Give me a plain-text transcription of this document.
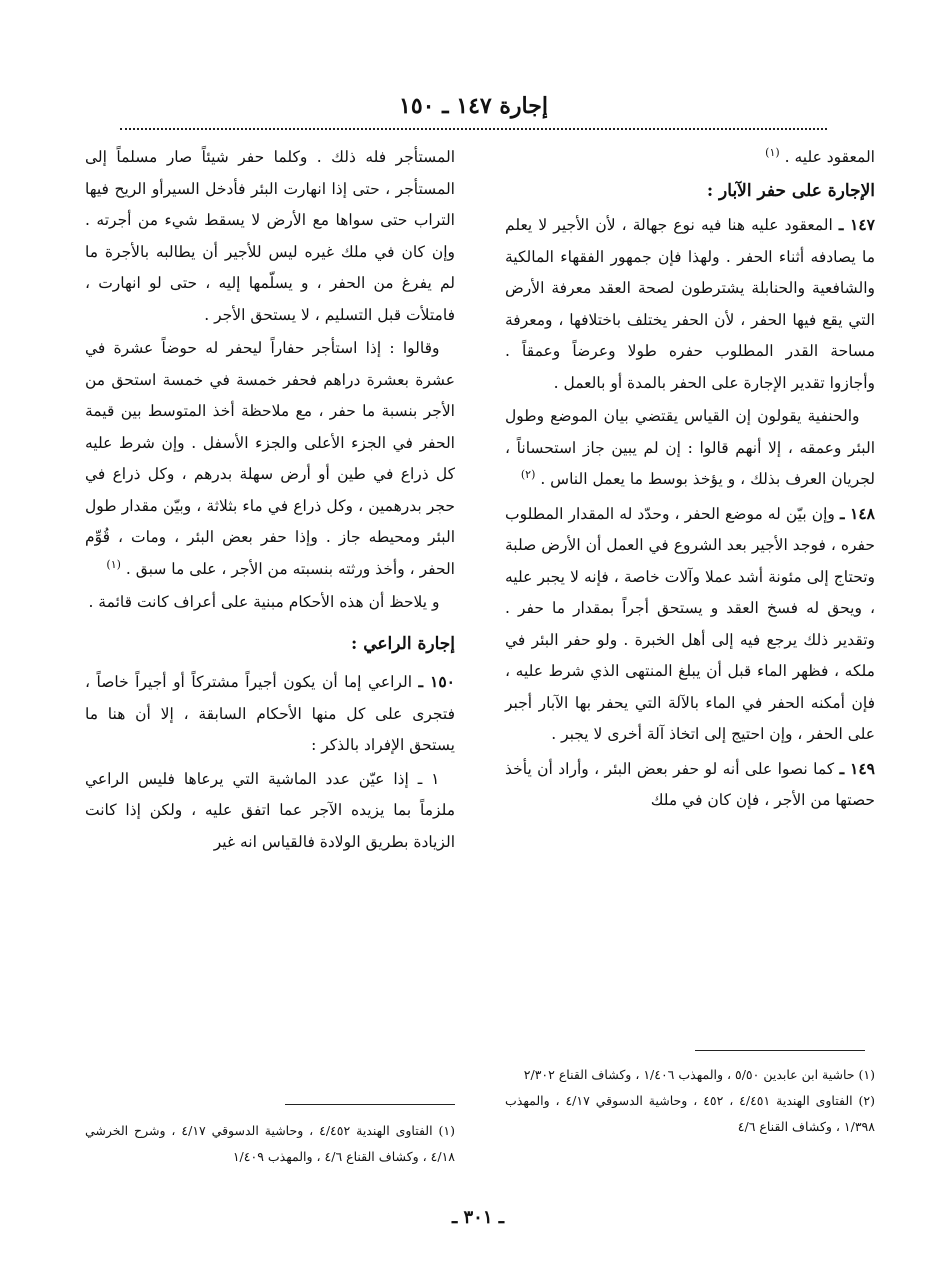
إجارة ١٤٧ ـ ١٥٠

المعقود عليه . $^{(١)}$

الإجارة على حفر الآبار :

١٤٧ ـ المعقود عليه هنا فيه نوع جهالة ، لأن الأجير لا يعلم ما يصادفه أثناء الحفر . ولهذا فإن جمهور الفقهاء المالكية والشافعية والحنابلة يشترطون لصحة العقد معرفة الأرض التي يقع فيها الحفر ، لأن الحفر يختلف باختلافها ، ومعرفة مساحة القدر المطلوب حفره طولا وعرضاً وعمقاً . وأجازوا تقدير الإجارة على الحفر بالمدة أو بالعمل .

 والحنفية يقولون إن القياس يقتضي بيان الموضع وطول البئر وعمقه ، إلا أنهم قالوا : إن لم يبين جاز استحساناً ، لجريان العرف بذلك ، و يؤخذ بوسط ما يعمل الناس . $^{(٢)}$

١٤٨ ـ وإن بيّن له موضع الحفر ، وحدّد له المقدار المطلوب حفره ، فوجد الأجير بعد الشروع في العمل أن الأرض صلبة وتحتاج إلى مئونة أشد عملا وآلات خاصة ، فإنه لا يجبر عليه ، ويحق له فسخ العقد و يستحق أجراً بمقدار ما حفر . وتقدير ذلك يرجع فيه إلى أهل الخبرة . ولو حفر البئر في ملكه ، فظهر الماء قبل أن يبلغ المنتهى الذي شرط عليه ، فإن أمكنه الحفر في الماء بالآلة التي يحفر بها الآبار أجبر على الحفر ، وإن احتيج إلى اتخاذ آلة أخرى لا يجبر .

١٤٩ ـ كما نصوا على أنه لو حفر بعض البئر ، وأراد أن يأخذ حصتها من الأجر ، فإن كان في ملك

المستأجر فله ذلك . وكلما حفر شيئاً صار مسلماً إلى المستأجر ، حتى إذا انهارت البئر فأدخل السيرأو الريح فيها التراب حتى سواها مع الأرض لا يسقط شيء من أجرته . وإن كان في ملك غيره ليس للأجير أن يطالبه بالأجرة ما لم يفرغ من الحفر ، و يسلّمها إليه ، حتى لو انهارت ، فامتلأت قبل التسليم ، لا يستحق الأجر .

 وقالوا : إذا استأجر حفاراً ليحفر له حوضاً عشرة في عشرة بعشرة دراهم فحفر خمسة في خمسة استحق من الأجر بنسبة ما حفر ، مع ملاحظة أخذ المتوسط بين قيمة الحفر في الجزء الأعلى والجزء الأسفل . وإن شرط عليه كل ذراع في طين أو أرض سهلة بدرهم ، وكل ذراع في حجر بدرهمين ، وكل ذراع في ماء بثلاثة ، وبيّن مقدار طول البئر ومحيطه جاز . وإذا حفر بعض البئر ، ومات ، قُوِّم الحفر ، وأخذ ورثته بنسبته من الأجر ، على ما سبق . $^{(١)}$

 و يلاحظ أن هذه الأحكام مبنية على أعراف كانت قائمة .

إجارة الراعي :

١٥٠ ـ الراعي إما أن يكون أجيراً مشتركاً أو أجيراً خاصاً ، فتجرى على كل منها الأحكام السابقة ، إلا أن هنا ما يستحق الإفراد بالذكر :

 ١ ـ إذا عيّن عدد الماشية التي يرعاها فليس الراعي ملزماً بما يزيده الآجر عما اتفق عليه ، ولكن إذا كانت الزيادة بطريق الولادة فالقياس انه غير

(١) حاشية ابن عابدين ٥/٥٠ ، والمهذب ١/٤٠٦ ، وكشاف القناع ٢/٣٠٢

(٢) الفتاوى الهندية ٤/٤٥١ ، ٤٥٢ ، وحاشية الدسوقي ٤/١٧ ، والمهذب ١/٣٩٨ ، وكشاف القناع ٤/٦

(١) الفتاوى الهندية ٤/٤٥٢ ، وحاشية الدسوقي ٤/١٧ ، وشرح الخرشي ٤/١٨ ، وكشاف القناع ٤/٦ ، والمهذب ١/٤٠٩

ـ ٣٠١ ـ
